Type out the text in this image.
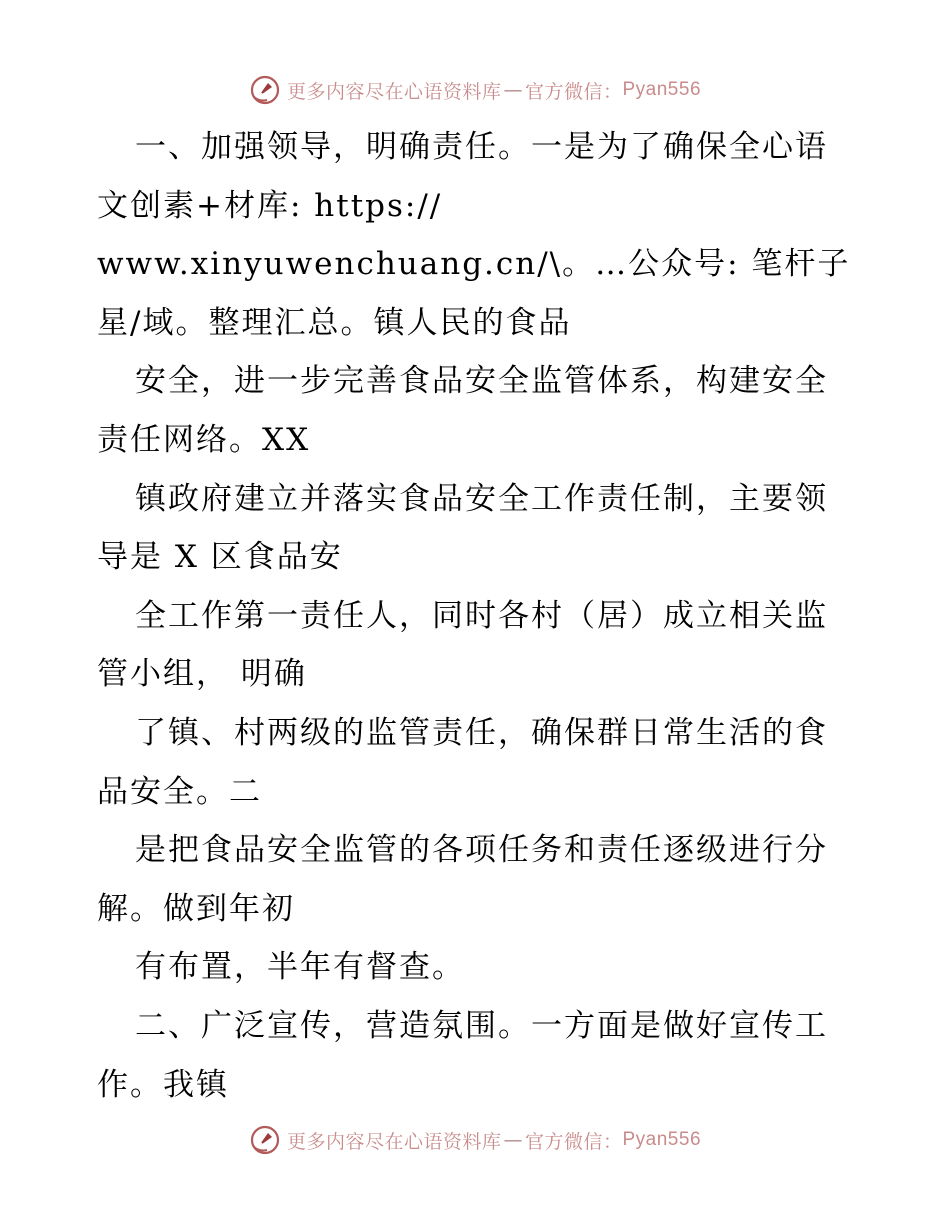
更多内容尽在心语资料库 — 官方微信： Pyan556
一、加强领导，明确责任。一是为了确保全心语
文创素+材库: https://
www.xinyuwenchuang.cn/\。…公众号: 笔杆子
星/域。整理汇总。镇人民的食品
安全，进一步完善食品安全监管体系，构建安全
责任网络。XX
镇政府建立并落实食品安全工作责任制，主要领
导是 X 区食品安
全工作第一责任人，同时各村（居）成立相关监
管小组， 明确
了镇、村两级的监管责任，确保群日常生活的食
品安全。二
是把食品安全监管的各项任务和责任逐级进行分
解。做到年初
有布置，半年有督查。
二、广泛宣传，营造氛围。一方面是做好宣传工
作。我镇
更多内容尽在心语资料库 — 官方微信： Pyan556
